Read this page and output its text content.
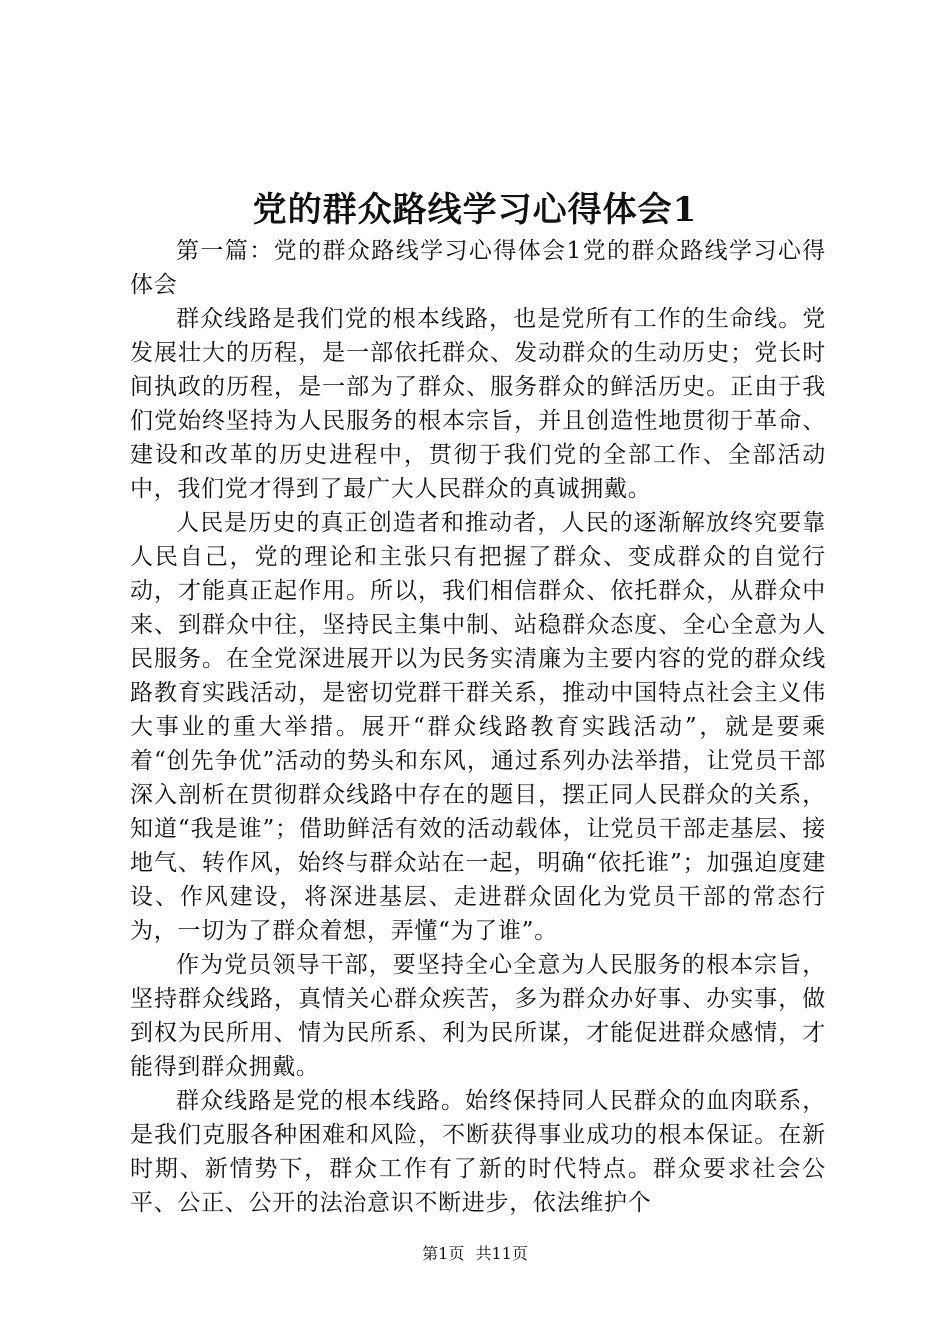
党的群众路线学习心得体会1

第一篇：党的群众路线学习心得体会1党的群众路线学习心得体会

群众线路是我们党的根本线路，也是党所有工作的生命线。党发展壮大的历程，是一部依托群众、发动群众的生动历史；党长时间执政的历程，是一部为了群众、服务群众的鲜活历史。正由于我们党始终坚持为人民服务的根本宗旨，并且创造性地贯彻于革命、建设和改革的历史进程中，贯彻于我们党的全部工作、全部活动中，我们党才得到了最广大人民群众的真诚拥戴。

人民是历史的真正创造者和推动者，人民的逐渐解放终究要靠人民自己，党的理论和主张只有把握了群众、变成群众的自觉行动，才能真正起作用。所以，我们相信群众、依托群众，从群众中来、到群众中往，坚持民主集中制、站稳群众态度、全心全意为人民服务。在全党深进展开以为民务实清廉为主要内容的党的群众线路教育实践活动，是密切党群干群关系，推动中国特点社会主义伟大事业的重大举措。展开“群众线路教育实践活动”，就是要乘着“创先争优”活动的势头和东风，通过系列办法举措，让党员干部深入剖析在贯彻群众线路中存在的题目，摆正同人民群众的关系，知道“我是谁”；借助鲜活有效的活动载体，让党员干部走基层、接地气、转作风，始终与群众站在一起，明确“依托谁”；加强迫度建设、作风建设，将深进基层、走进群众固化为党员干部的常态行为，一切为了群众着想，弄懂“为了谁”。

作为党员领导干部，要坚持全心全意为人民服务的根本宗旨，坚持群众线路，真情关心群众疾苦，多为群众办好事、办实事，做到权为民所用、情为民所系、利为民所谋，才能促进群众感情，才能得到群众拥戴。

群众线路是党的根本线路。始终保持同人民群众的血肉联系，是我们克服各种困难和风险，不断获得事业成功的根本保证。在新时期、新情势下，群众工作有了新的时代特点。群众要求社会公平、公正、公开的法治意识不断进步，依法维护个

第1页 共11页
